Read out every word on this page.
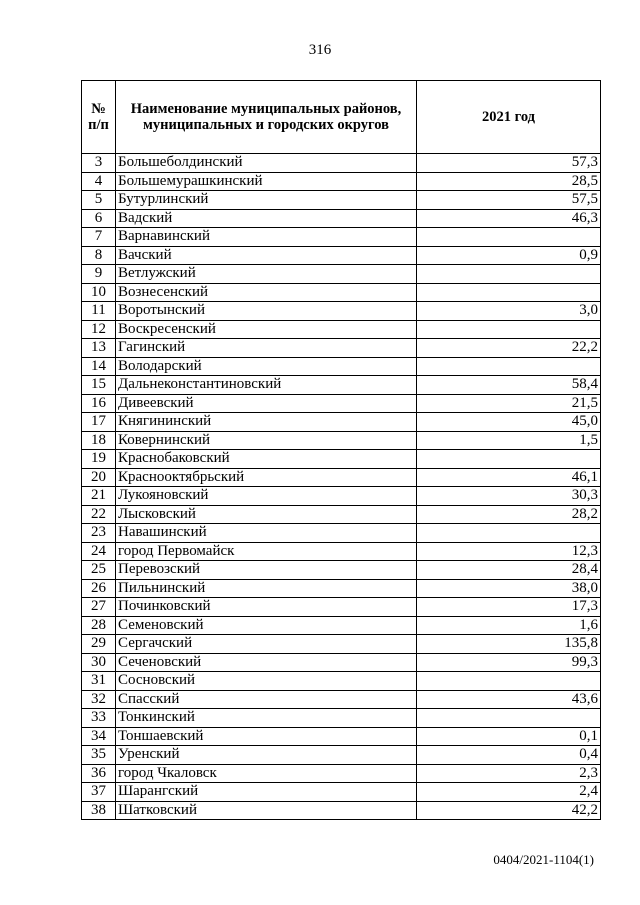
316
№ п/п	Наименование муниципальных районов, муниципальных и городских округов	2021 год
3	Большеболдинский	57,3
4	Большемурашкинский	28,5
5	Бутурлинский	57,5
6	Вадский	46,3
7	Варнавинский	
8	Вачский	0,9
9	Ветлужский	
10	Вознесенский	
11	Воротынский	3,0
12	Воскресенский	
13	Гагинский	22,2
14	Володарский	
15	Дальнеконстантиновский	58,4
16	Дивеевский	21,5
17	Княгининский	45,0
18	Ковернинский	1,5
19	Краснобаковский	
20	Краснооктябрьский	46,1
21	Лукояновский	30,3
22	Лысковский	28,2
23	Навашинский	
24	город Первомайск	12,3
25	Перевозский	28,4
26	Пильнинский	38,0
27	Починковский	17,3
28	Семеновский	1,6
29	Сергачский	135,8
30	Сеченовский	99,3
31	Сосновский	
32	Спасский	43,6
33	Тонкинский	
34	Тоншаевский	0,1
35	Уренский	0,4
36	город Чкаловск	2,3
37	Шарангский	2,4
38	Шатковский	42,2
0404/2021-1104(1)
